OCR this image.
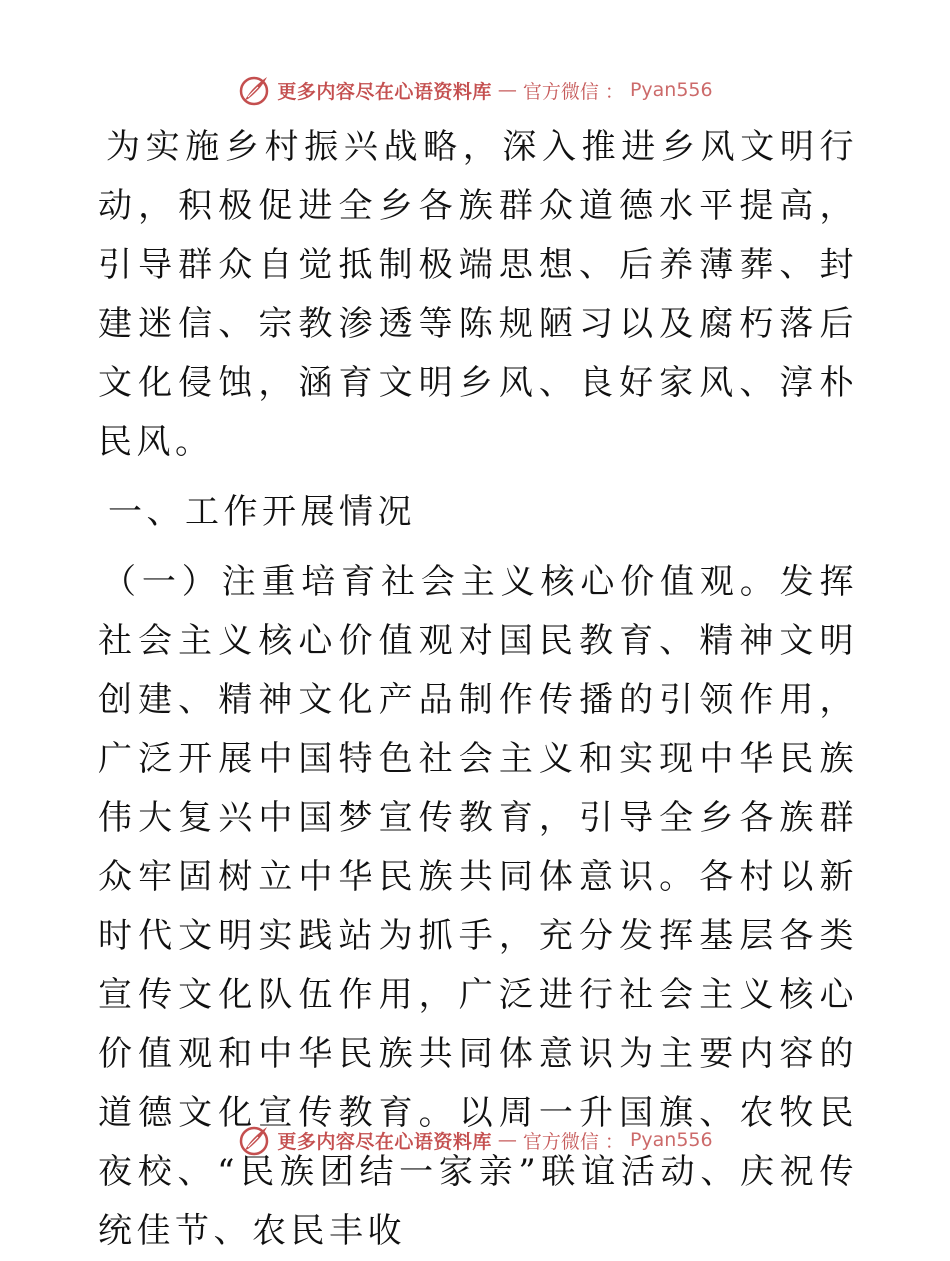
更多内容尽在心语资料库 — 官方微信 ： Pyan556

为实施乡村振兴战略，深入推进乡风文明行动，积极促进全乡各族群众道德水平提高，引导群众自觉抵制极端思想、后养薄葬、封建迷信、宗教渗透等陈规陋习以及腐朽落后文化侵蚀，涵育文明乡风、良好家风、淳朴民风。

一、工作开展情况

（一）注重培育社会主义核心价值观。发挥社会主义核心价值观对国民教育、精神文明创建、精神文化产品制作传播的引领作用，广泛开展中国特色社会主义和实现中华民族伟大复兴中国梦宣传教育，引导全乡各族群众牢固树立中华民族共同体意识。各村以新时代文明实践站为抓手，充分发挥基层各类宣传文化队伍作用，广泛进行社会主义核心价值观和中华民族共同体意识为主要内容的道德文化宣传教育。以周一升国旗、农牧民夜校、“民族团结一家亲”联谊活动、庆祝传统佳节、农民丰收

更多内容尽在心语资料库 — 官方微信 ： Pyan556
